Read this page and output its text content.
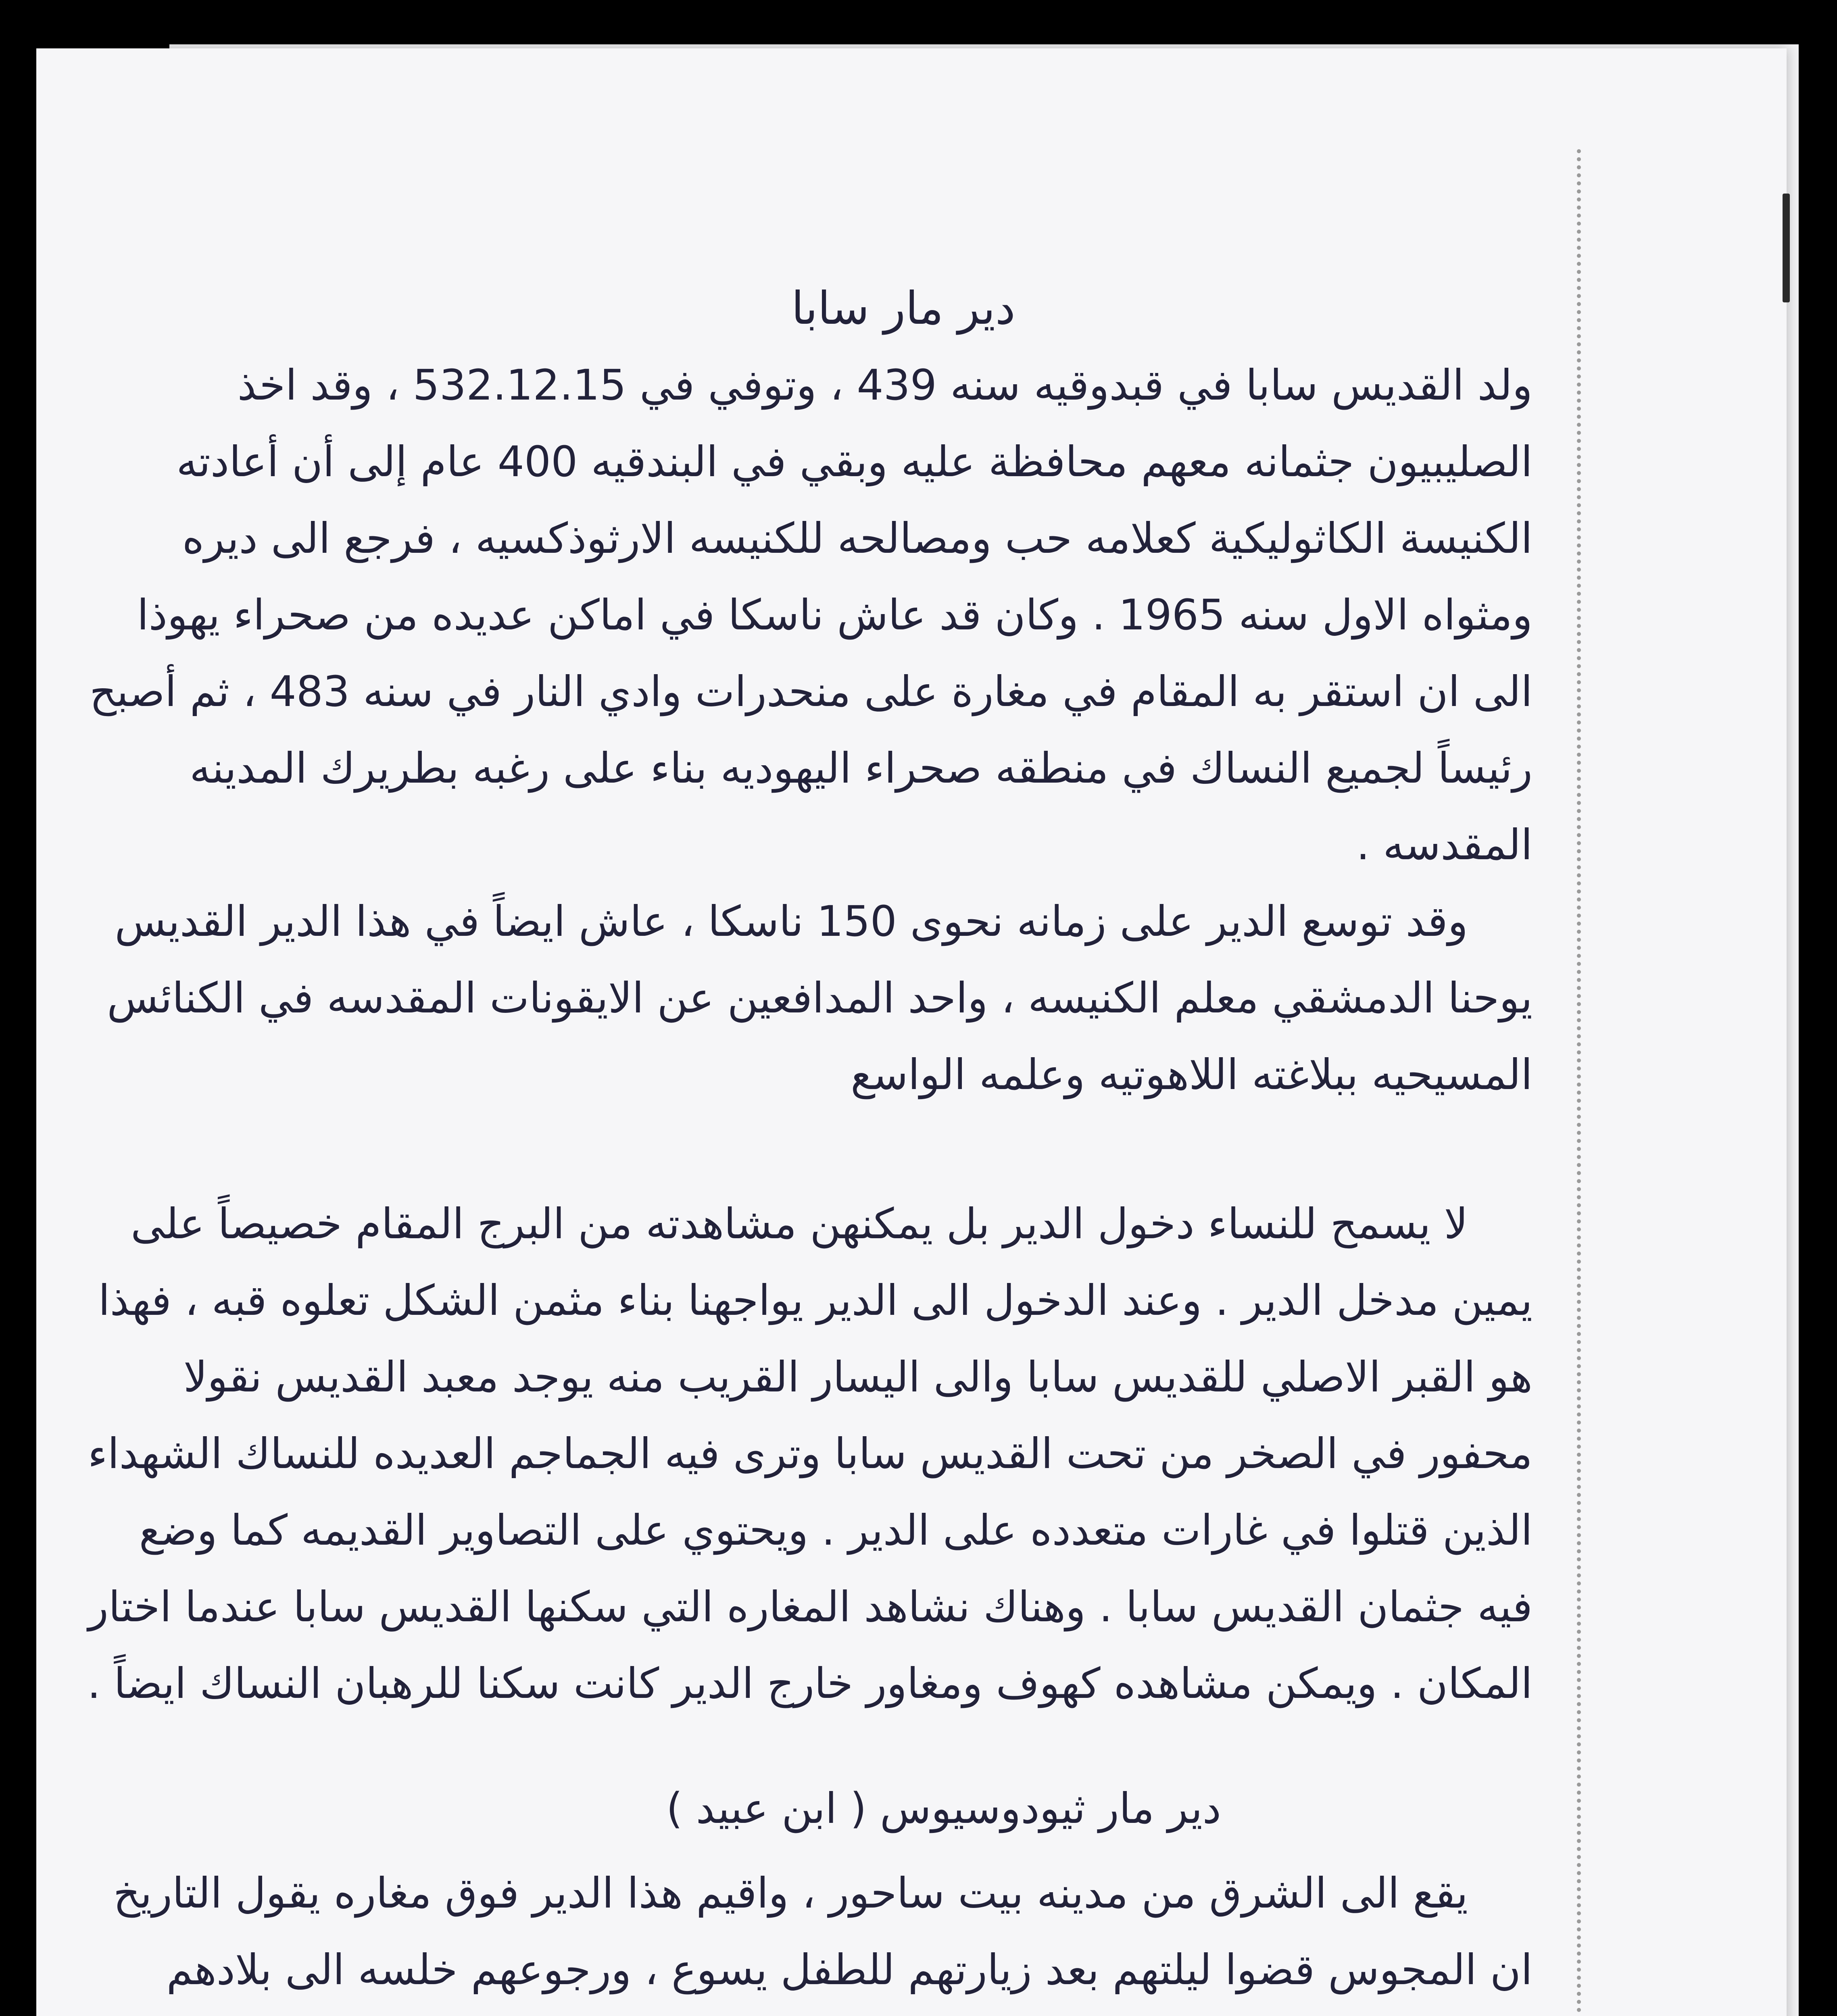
دير مار سابا

ولد القديس سابا في قبدوقيه سنه 439 ، وتوفي في 532.12.15 ، وقد اخذ الصليبيون جثمانه معهم محافظة عليه وبقي في البندقيه 400 عام إلى أن أعادته الكنيسة الكاثوليكية كعلامه حب ومصالحه للكنيسه الارثوذكسيه ، فرجع الى ديره ومثواه الاول سنه 1965 . وكان قد عاش ناسكا في اماكن عديده من صحراء يهوذا الى ان استقر به المقام في مغارة على منحدرات وادي النار في سنه 483 ، ثم أصبح رئيساً لجميع النساك في منطقه صحراء اليهوديه بناء على رغبه بطريرك المدينه المقدسه .

وقد توسع الدير على زمانه نحوى 150 ناسكا ، عاش ايضاً في هذا الدير القديس يوحنا الدمشقي معلم الكنيسه ، واحد المدافعين عن الايقونات المقدسه في الكنائس المسيحيه ببلاغته اللاهوتيه وعلمه الواسع

لا يسمح للنساء دخول الدير بل يمكنهن مشاهدته من البرج المقام خصيصاً على يمين مدخل الدير . وعند الدخول الى الدير يواجهنا بناء مثمن الشكل تعلوه قبه ، فهذا هو القبر الاصلي للقديس سابا والى اليسار القريب منه يوجد معبد القديس نقولا محفور في الصخر من تحت القديس سابا وترى فيه الجماجم العديده للنساك الشهداء الذين قتلوا في غارات متعدده على الدير . ويحتوي على التصاوير القديمه كما وضع فيه جثمان القديس سابا . وهناك نشاهد المغاره التي سكنها القديس سابا عندما اختار المكان . ويمكن مشاهده كهوف ومغاور خارج الدير كانت سكنا للرهبان النساك ايضاً .

دير مار ثيودوسيوس ( ابن عبيد )

يقع الى الشرق من مدينه بيت ساحور ، واقيم هذا الدير فوق مغاره يقول التاريخ ان المجوس قضوا ليلتهم بعد زيارتهم للطفل يسوع ، ورجوعهم خلسه الى بلادهم
